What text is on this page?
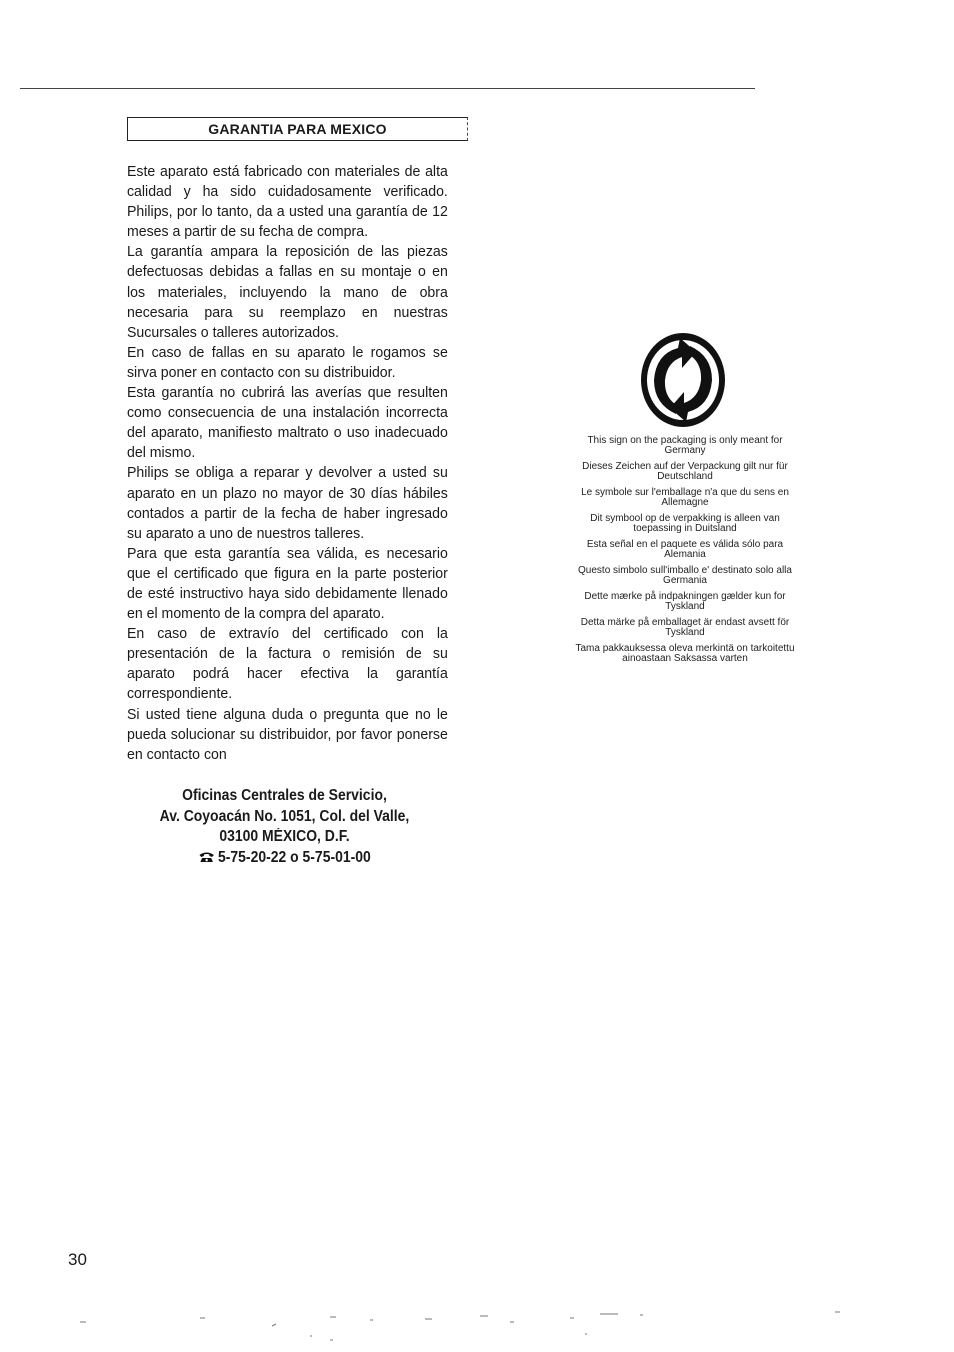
GARANTIA PARA MEXICO

Este aparato está fabricado con materiales de alta calidad y ha sido cuidadosamente verificado. Philips, por lo tanto, da a usted una garantía de 12 meses a partir de su fecha de compra.

La garantía ampara la reposición de las piezas defectuosas debidas a fallas en su montaje o en los materiales, incluyendo la mano de obra necesaria para su reemplazo en nuestras Sucursales o talleres autorizados.

En caso de fallas en su aparato le rogamos se sirva poner en contacto con su distribuidor.

Esta garantía no cubrirá las averías que resulten como consecuencia de una instalación incorrecta del aparato, manifiesto maltrato o uso inadecuado del mismo.

Philips se obliga a reparar y devolver a usted su aparato en un plazo no mayor de 30 días hábiles contados a partir de la fecha de haber ingresado su aparato a uno de nuestros talleres.

Para que esta garantía sea válida, es necesario que el certificado que figura en la parte posterior de esté instructivo haya sido debidamente llenado en el momento de la compra del aparato.

En caso de extravío del certificado con la presentación de la factura o remisión de su aparato podrá hacer efectiva la garantía correspondiente.

Si usted tiene alguna duda o pregunta que no le pueda solucionar su distribuidor, por favor ponerse en contacto con

Oficinas Centrales de Servicio,
Av. Coyoacán No. 1051, Col. del Valle,
03100 MÉXICO, D.F.
5-75-20-22 o 5-75-01-00
This sign on the packaging is only meant for Germany
Dieses Zeichen auf der Verpackung gilt nur für Deutschland
Le symbole sur l'emballage n'a que du sens en Allemagne
Dit symbool op de verpakking is alleen van toepassing in Duitsland
Esta señal en el paquete es válida sólo para Alemania
Questo simbolo sull'imballo e' destinato solo alla Germania
Dette mærke på indpakningen gælder kun for Tyskland
Detta märke på emballaget är endast avsett för Tyskland
Tama pakkauksessa oleva merkintä on tarkoitettu ainoastaan Saksassa varten
30
